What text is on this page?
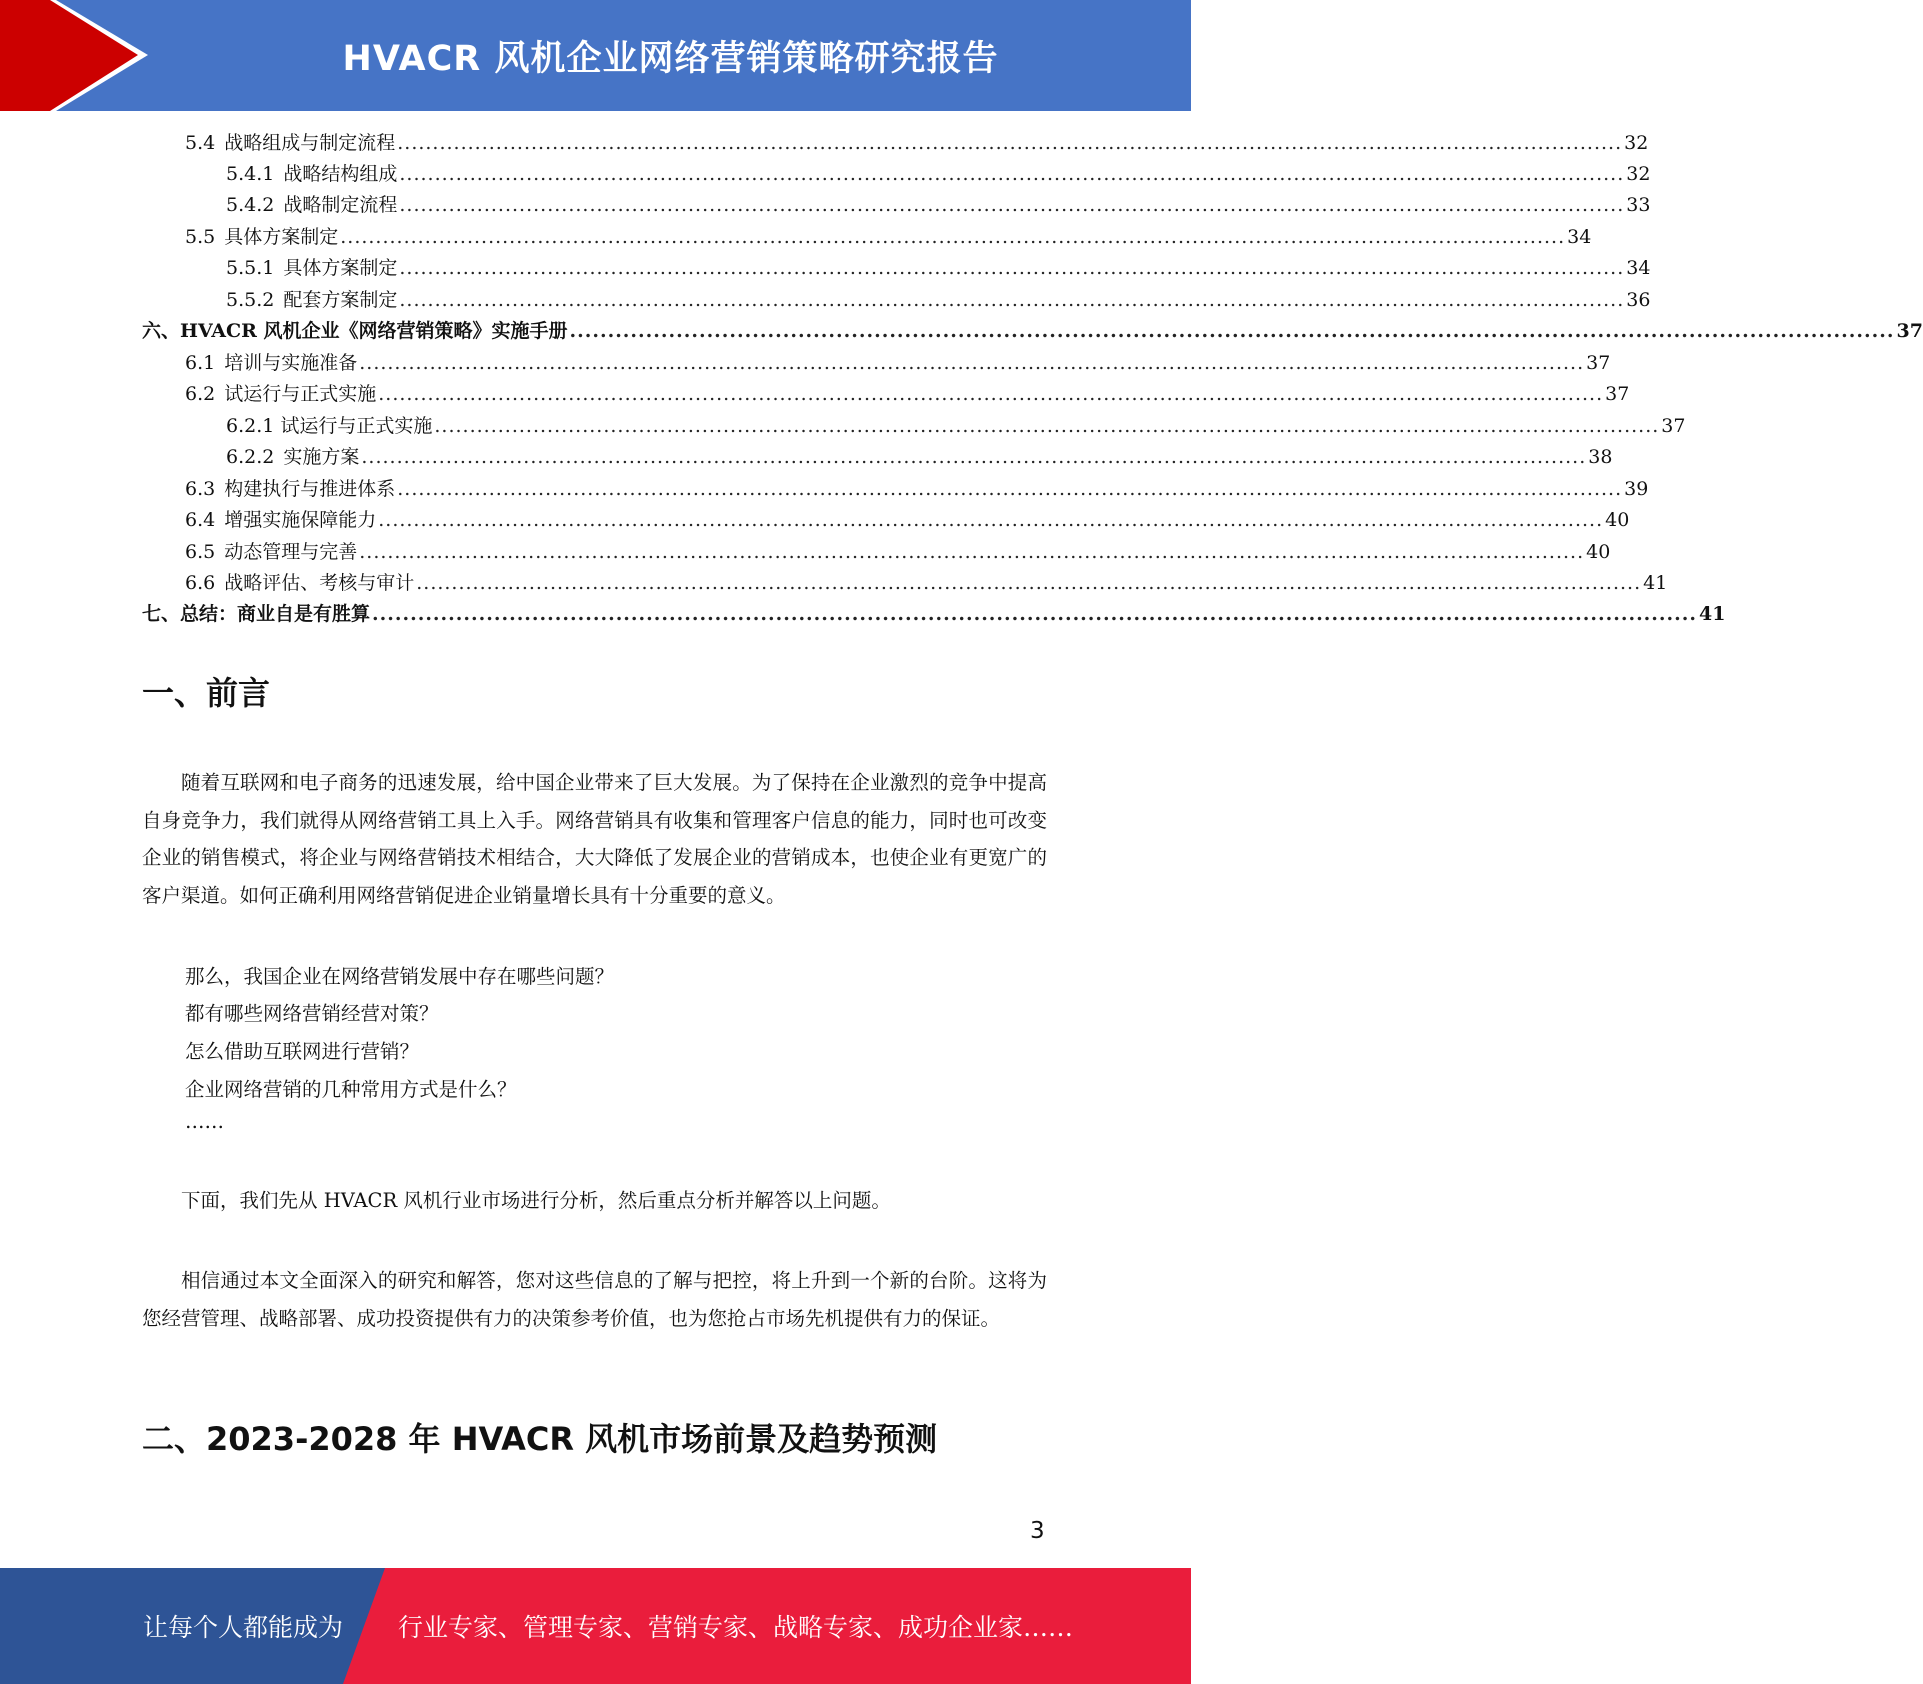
HVACR 风机企业网络营销策略研究报告
5.4 战略组成与制定流程 .............................................................................................................................................................................. 32
5.4.1 战略结构组成 .............................................................................................................................................................................. 32
5.4.2 战略制定流程 .............................................................................................................................................................................. 33
5.5 具体方案制定 .............................................................................................................................................................................. 34
5.5.1 具体方案制定 .............................................................................................................................................................................. 34
5.5.2 配套方案制定 .............................................................................................................................................................................. 36
六、HVACR 风机企业《网络营销策略》实施手册 .............................................................................................................................................................................. 37
6.1 培训与实施准备 .............................................................................................................................................................................. 37
6.2 试运行与正式实施 .............................................................................................................................................................................. 37
6.2.1 试运行与正式实施 .............................................................................................................................................................................. 37
6.2.2 实施方案 .............................................................................................................................................................................. 38
6.3 构建执行与推进体系 .............................................................................................................................................................................. 39
6.4 增强实施保障能力 .............................................................................................................................................................................. 40
6.5 动态管理与完善 .............................................................................................................................................................................. 40
6.6 战略评估、考核与审计 .............................................................................................................................................................................. 41
七、总结：商业自是有胜算 .............................................................................................................................................................................. 41
一、前言

随着互联网和电子商务的迅速发展，给中国企业带来了巨大发展。为了保持在企业激烈的竞争中提高自身竞争力，我们就得从网络营销工具上入手。网络营销具有收集和管理客户信息的能力，同时也可改变企业的销售模式，将企业与网络营销技术相结合，大大降低了发展企业的营销成本，也使企业有更宽广的客户渠道。如何正确利用网络营销促进企业销量增长具有十分重要的意义。

那么，我国企业在网络营销发展中存在哪些问题？
都有哪些网络营销经营对策？
怎么借助互联网进行营销？
企业网络营销的几种常用方式是什么？
……

下面，我们先从 HVACR 风机行业市场进行分析，然后重点分析并解答以上问题。

相信通过本文全面深入的研究和解答，您对这些信息的了解与把控，将上升到一个新的台阶。这将为您经营管理、战略部署、成功投资提供有力的决策参考价值，也为您抢占市场先机提供有力的保证。

二、2023-2028 年 HVACR 风机市场前景及趋势预测
3
让每个人都能成为 行业专家、管理专家、营销专家、战略专家、成功企业家……
